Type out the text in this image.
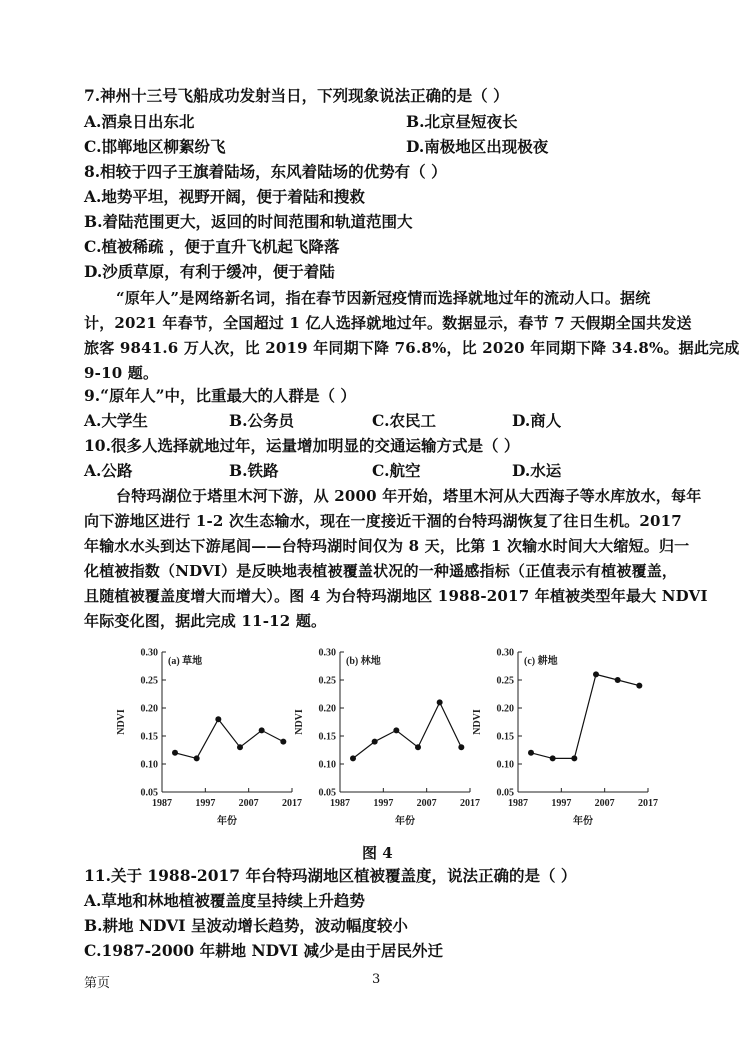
7.神州十三号飞船成功发射当日，下列现象说法正确的是（ ）
A.酒泉日出东北	B.北京昼短夜长
C.邯郸地区柳絮纷飞	D.南极地区出现极夜
8.相较于四子王旗着陆场，东风着陆场的优势有（ ）
A.地势平坦，视野开阔，便于着陆和搜救
B.着陆范围更大，返回的时间范围和轨道范围大
C.植被稀疏 ，便于直升飞机起飞降落
D.沙质草原，有利于缓冲，便于着陆
“原年人”是网络新名词，指在春节因新冠疫情而选择就地过年的流动人口。据统
计，2021 年春节，全国超过 1 亿人选择就地过年。数据显示，春节 7 天假期全国共发送
旅客 9841.6 万人次，比 2019 年同期下降 76.8%，比 2020 年同期下降 34.8%。据此完成
9-10 题。
9.“原年人”中，比重最大的人群是（ ）
A.大学生	B.公务员	C.农民工	D.商人
10.很多人选择就地过年，运量增加明显的交通运输方式是（ ）
A.公路	B.铁路	C.航空	D.水运
台特玛湖位于塔里木河下游，从 2000 年开始，塔里木河从大西海子等水库放水，每年
向下游地区进行 1-2 次生态输水，现在一度接近干涸的台特玛湖恢复了往日生机。2017
年输水水头到达下游尾闾——台特玛湖时间仅为 8 天，比第 1 次输水时间大大缩短。归一
化植被指数（NDVI）是反映地表植被覆盖状况的一种遥感指标（正值表示有植被覆盖，
且随植被覆盖度增大而增大）。图 4 为台特玛湖地区 1988-2017 年植被类型年最大 NDVI
年际变化图，据此完成 11-12 题。
0.05
0.10
0.15
0.20
0.25
0.30
1987 1997 2007 2017
(a) 草地
NDVI
年份
0.05
0.10
0.15
0.20
0.25
0.30
1987 1997 2007 2017
(b) 林地
NDVI
年份
0.05
0.10
0.15
0.20
0.25
0.30
1987 1997 2007 2017
(c) 耕地
NDVI
年份
图 4
11.关于 1988-2017 年台特玛湖地区植被覆盖度，说法正确的是（ ）
A.草地和林地植被覆盖度呈持续上升趋势
B.耕地 NDVI 呈波动增长趋势，波动幅度较小
C.1987-2000 年耕地 NDVI 减少是由于居民外迁
第页	3
